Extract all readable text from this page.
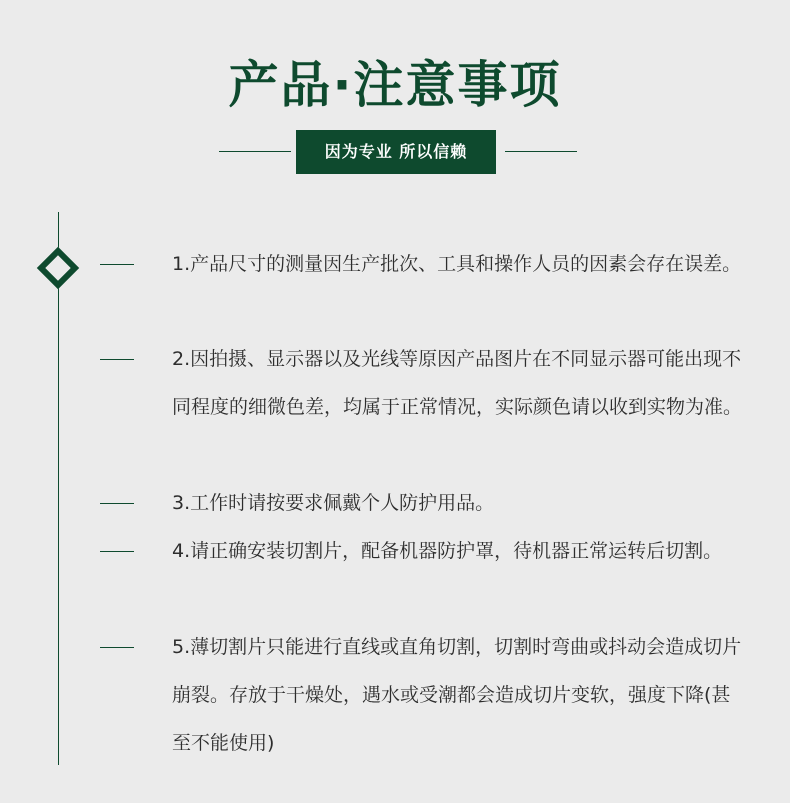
产品·注意事项
因为专业 所以信赖
1.产品尺寸的测量因生产批次、工具和操作人员的因素会存在误差。
2.因拍摄、显示器以及光线等原因产品图片在不同显示器可能出现不同程度的细微色差，均属于正常情况，实际颜色请以收到实物为准。
3.工作时请按要求佩戴个人防护用品。
4.请正确安装切割片，配备机器防护罩，待机器正常运转后切割。
5.薄切割片只能进行直线或直角切割，切割时弯曲或抖动会造成切片崩裂。存放于干燥处，遇水或受潮都会造成切片变软，强度下降(甚至不能使用)
